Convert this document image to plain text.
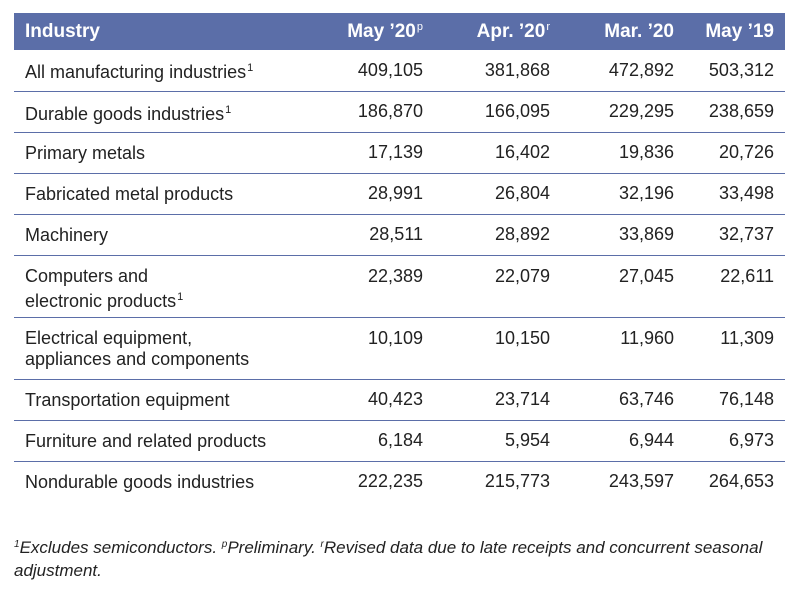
Industry	May ’20$^p$	Apr. ’20$^r$	Mar. ’20	May ’19
All manufacturing industries$^1$	409,105	381,868	472,892	503,312
Durable goods industries$^1$	186,870	166,095	229,295	238,659
Primary metals	17,139	16,402	19,836	20,726
Fabricated metal products	28,991	26,804	32,196	33,498
Machinery	28,511	28,892	33,869	32,737
Computers and
electronic products$^1$	22,389	22,079	27,045	22,611
Electrical equipment,
appliances and components	10,109	10,150	11,960	11,309
Transportation equipment	40,423	23,714	63,746	76,148
Furniture and related products	6,184	5,954	6,944	6,973
Nondurable goods industries	222,235	215,773	243,597	264,653
$^1$Excludes semiconductors. $^p$Preliminary. $^r$Revised data due to late receipts and concurrent seasonal adjustment.
